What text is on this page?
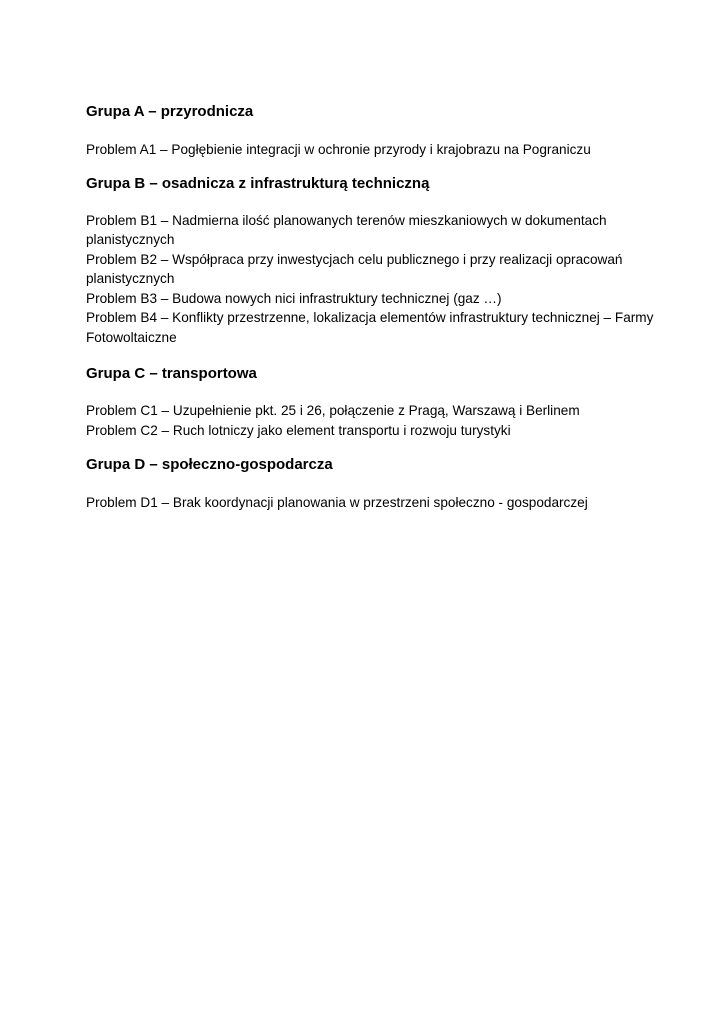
Grupa A – przyrodnicza
Problem A1 – Pogłębienie integracji w ochronie przyrody i krajobrazu na Pograniczu
Grupa B – osadnicza z infrastrukturą techniczną
Problem B1 – Nadmierna ilość planowanych terenów mieszkaniowych w dokumentach planistycznych
Problem B2 – Współpraca przy inwestycjach celu publicznego i przy realizacji opracowań planistycznych
Problem B3 – Budowa nowych nici infrastruktury technicznej (gaz …)
Problem B4 – Konflikty przestrzenne, lokalizacja elementów infrastruktury technicznej – Farmy Fotowoltaiczne
Grupa C – transportowa
Problem C1 – Uzupełnienie pkt. 25 i 26, połączenie z Pragą, Warszawą i Berlinem
Problem C2 – Ruch lotniczy jako element transportu i rozwoju turystyki
Grupa D – społeczno-gospodarcza
Problem D1 – Brak koordynacji planowania w przestrzeni społeczno - gospodarczej
